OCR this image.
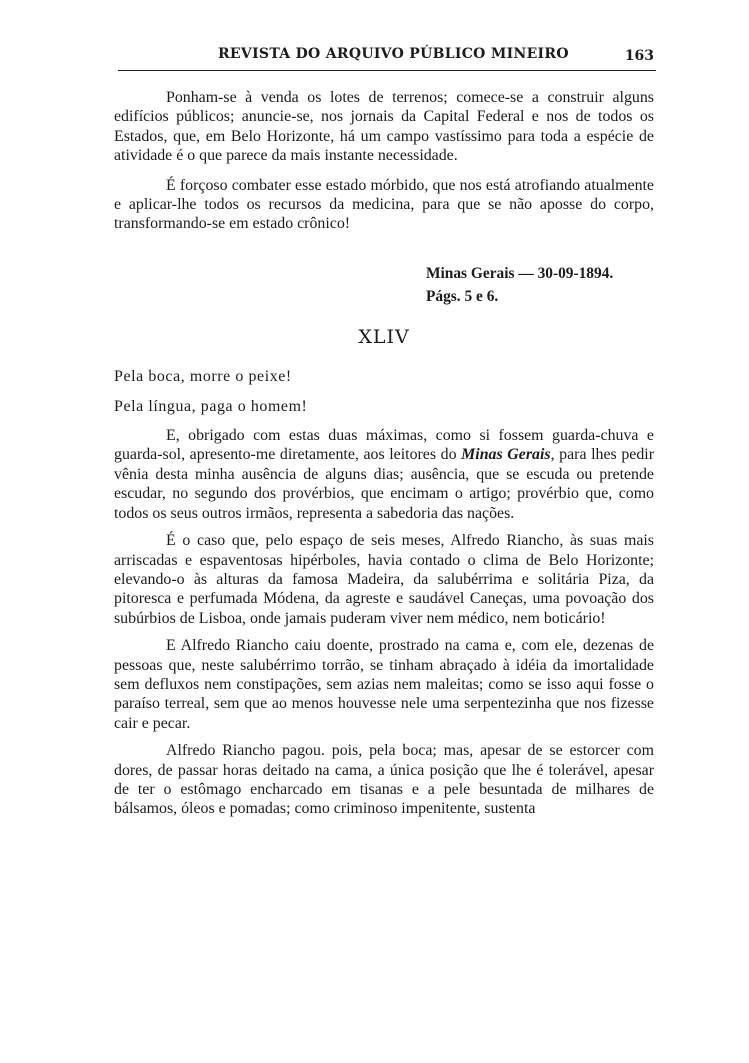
REVISTA DO ARQUIVO PÚBLICO MINEIRO	163

Ponham-se à venda os lotes de terrenos; comece-se a construir alguns edifícios públicos; anuncie-se, nos jornais da Capital Federal e nos de todos os Estados, que, em Belo Horizonte, há um campo vastíssimo para toda a espécie de atividade é o que parece da mais instante necessidade.

É forçoso combater esse estado mórbido, que nos está atrofiando atualmente e aplicar-lhe todos os recursos da medicina, para que se não aposse do corpo, transformando-se em estado crônico!

Minas Gerais — 30-09-1894.
Págs. 5 e 6.
XLIV

Pela boca, morre o peixe!

Pela língua, paga o homem!

E, obrigado com estas duas máximas, como si fossem guarda-chuva e guarda-sol, apresento-me diretamente, aos leitores do Minas Gerais, para lhes pedir vênia desta minha ausência de alguns dias; ausência, que se escuda ou pretende escudar, no segundo dos provérbios, que encimam o artigo; provérbio que, como todos os seus outros irmãos, representa a sabedoria das nações.

É o caso que, pelo espaço de seis meses, Alfredo Riancho, às suas mais arriscadas e espaventosas hipérboles, havia contado o clima de Belo Horizonte; elevando-o às alturas da famosa Madeira, da salubérrima e solitária Piza, da pitoresca e perfumada Módena, da agreste e saudável Caneças, uma povoação dos subúrbios de Lisboa, onde jamais puderam viver nem médico, nem boticário!

E Alfredo Riancho caiu doente, prostrado na cama e, com ele, dezenas de pessoas que, neste salubérrimo torrão, se tinham abraçado à idéia da imortalidade sem defluxos nem constipações, sem azias nem maleitas; como se isso aqui fosse o paraíso terreal, sem que ao menos houvesse nele uma serpentezinha que nos fizesse cair e pecar.

Alfredo Riancho pagou. pois, pela boca; mas, apesar de se estorcer com dores, de passar horas deitado na cama, a única posição que lhe é tolerável, apesar de ter o estômago encharcado em tisanas e a pele besuntada de milhares de bálsamos, óleos e pomadas; como criminoso impenitente, sustenta
